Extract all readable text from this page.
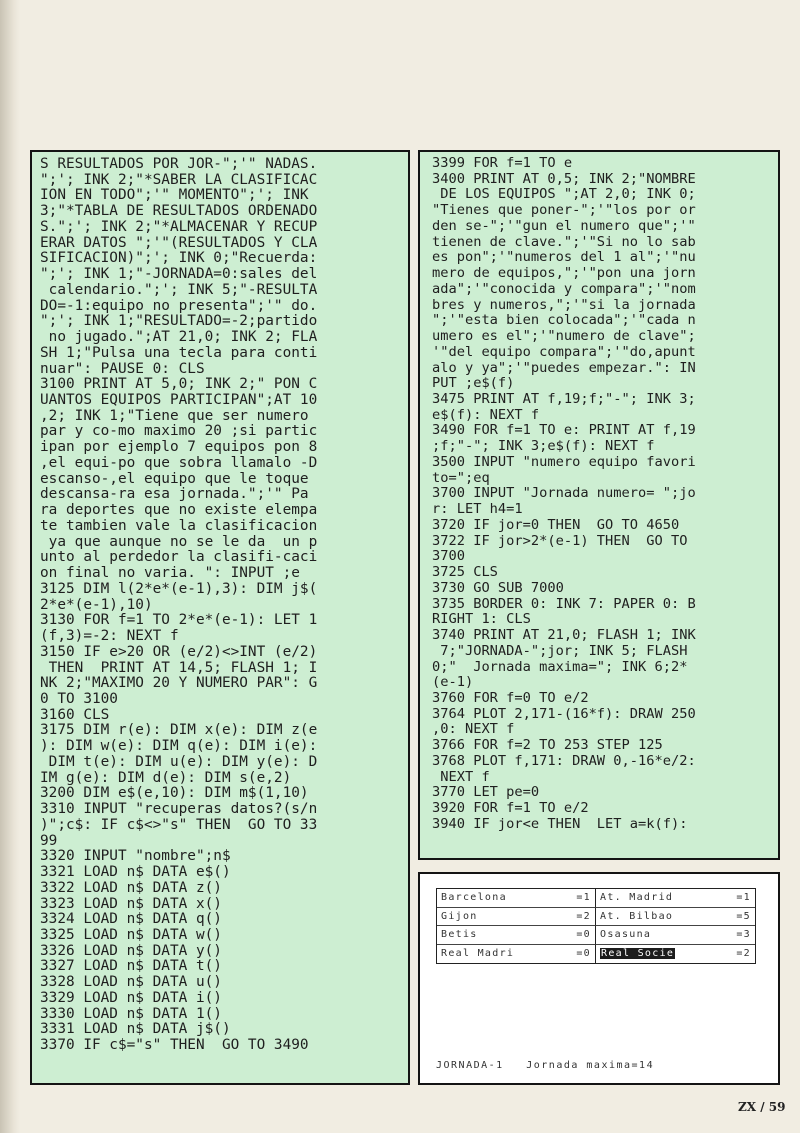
S RESULTADOS POR JOR-";'" NADAS.
";'; INK 2;"*SABER LA CLASIFICAC
ION EN TODO";'" MOMENTO";'; INK
3;"*TABLA DE RESULTADOS ORDENADO
S.";'; INK 2;"*ALMACENAR Y RECUP
ERAR DATOS ";'"(RESULTADOS Y CLA
SIFICACION)";'; INK 0;"Recuerda:
";'; INK 1;"-JORNADA=0:sales del
calendario.";'; INK 5;"-RESULTA
DO=-1:equipo no presenta";'" do.
";'; INK 1;"RESULTADO=-2;partido
no jugado.";AT 21,0; INK 2; FLA
SH 1;"Pulsa una tecla para conti
nuar": PAUSE 0: CLS
3100 PRINT AT 5,0; INK 2;" PON C
UANTOS EQUIPOS PARTICIPAN";AT 10
,2; INK 1;"Tiene que ser numero
par y co-mo maximo 20 ;si partic
ipan por ejemplo 7 equipos pon 8
,el equi-po que sobra llamalo -D
escanso-,el equipo que le toque
descansa-ra esa jornada.";'" Pa
ra deportes que no existe elempa
te tambien vale la clasificacion
ya que aunque no se le da  un p
unto al perdedor la clasifi-caci
on final no varia. ": INPUT ;e
3125 DIM l(2*e*(e-1),3): DIM j$(
2*e*(e-1),10)
3130 FOR f=1 TO 2*e*(e-1): LET 1
(f,3)=-2: NEXT f
3150 IF e>20 OR (e/2)<>INT (e/2)
THEN  PRINT AT 14,5; FLASH 1; I
NK 2;"MAXIMO 20 Y NUMERO PAR": G
0 TO 3100
3160 CLS
3175 DIM r(e): DIM x(e): DIM z(e
): DIM w(e): DIM q(e): DIM i(e):
DIM t(e): DIM u(e): DIM y(e): D
IM g(e): DIM d(e): DIM s(e,2)
3200 DIM e$(e,10): DIM m$(1,10)
3310 INPUT "recuperas datos?(s/n
)";c$: IF c$<>"s" THEN  GO TO 33
99
3320 INPUT "nombre";n$
3321 LOAD n$ DATA e$()
3322 LOAD n$ DATA z()
3323 LOAD n$ DATA x()
3324 LOAD n$ DATA q()
3325 LOAD n$ DATA w()
3326 LOAD n$ DATA y()
3327 LOAD n$ DATA t()
3328 LOAD n$ DATA u()
3329 LOAD n$ DATA i()
3330 LOAD n$ DATA 1()
3331 LOAD n$ DATA j$()
3370 IF c$="s" THEN  GO TO 3490
3399 FOR f=1 TO e
3400 PRINT AT 0,5; INK 2;"NOMBRE
DE LOS EQUIPOS ";AT 2,0; INK 0;
"Tienes que poner-";'"los por or
den se-";'"gun el numero que";'"
tienen de clave.";'"Si no lo sab
es pon";'"numeros del 1 al";'"nu
mero de equipos,";'"pon una jorn
ada";'"conocida y compara";'"nom
bres y numeros,";'"si la jornada
";'"esta bien colocada";'"cada n
umero es el";'"numero de clave";
'"del equipo compara";'"do,apunt
alo y ya";'"puedes empezar.": IN
PUT ;e$(f)
3475 PRINT AT f,19;f;"-"; INK 3;
e$(f): NEXT f
3490 FOR f=1 TO e: PRINT AT f,19
;f;"-"; INK 3;e$(f): NEXT f
3500 INPUT "numero equipo favori
to=";eq
3700 INPUT "Jornada numero= ";jo
r: LET h4=1
3720 IF jor=0 THEN  GO TO 4650
3722 IF jor>2*(e-1) THEN  GO TO
3700
3725 CLS
3730 GO SUB 7000
3735 BORDER 0: INK 7: PAPER 0: B
RIGHT 1: CLS
3740 PRINT AT 21,0; FLASH 1; INK
7;"JORNADA-";jor; INK 5; FLASH
0;"  Jornada maxima="; INK 6;2*
(e-1)
3760 FOR f=0 TO e/2
3764 PLOT 2,171-(16*f): DRAW 250
,0: NEXT f
3766 FOR f=2 TO 253 STEP 125
3768 PLOT f,171: DRAW 0,-16*e/2:
NEXT f
3770 LET pe=0
3920 FOR f=1 TO e/2
3940 IF jor<e THEN  LET a=k(f):
Barcelona	=1 At. Madrid	=1
Gijon	=2 At. Bilbao	=5
Betis	=0 Osasuna	=3
Real Madri	=0 Real Socie	=2
JORNADA-1 Jornada maxima=14
ZX / 59
